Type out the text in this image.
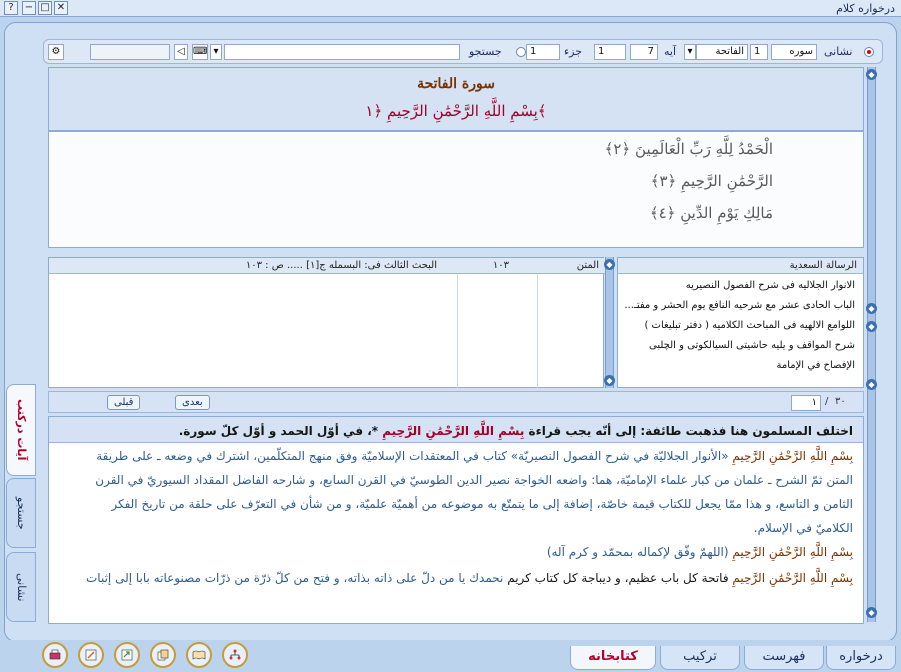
✕
□
−
?	درخواره کلام
آیات درکتب
جستجو
نشانی
نشانی
سوره
1
الفاتحة
▾
آیه
7
1
جزء
1
جستجو
▾
⌨
◁
⚙
سورة الفاتحة
بِسْمِ اللَّهِ الرَّحْمَٰنِ الرَّحِيمِ ﴿١﴾
الْحَمْدُ لِلَّهِ رَبِّ الْعَالَمِينَ ﴿٢﴾
الرَّحْمَٰنِ الرَّحِيمِ ﴿٣﴾
مَالِكِ يَوْمِ الدِّينِ ﴿٤﴾
◆
◆
◆
◆
◆
المتن
١٠٣
البحث الثالث فی: البسمله ج[١] ..... ص : ١٠٣	◆
◆
الرسالة السعدية
الانوار الجلاليه فی شرح الفصول النصیریه
الباب الحادی عشر مع شرحیه النافع یوم الحشر و مفتـ...
اللوامع الالهیه فی المباحث الکلامیه ( دفتر تبلیغات )
شرح المواقف و یلیه حاشیتی السیالکوتی و الچلبی
الإفصاح في الإمامة
قبلی	بعدی	١ / ٣٠
اختلف المسلمون هنا فذهبت طائفة: إلى أنّه يجب قراءة بِسْمِ اللَّهِ الرَّحْمَٰنِ الرَّحِيمِ *، في أوّل الحمد و أوّل كلّ سورة.
بِسْمِ اللَّهِ الرَّحْمَٰنِ الرَّحِيمِ «الأنوار الجلاليّة في شرح الفصول النصيريّة» كتاب في المعتقدات الإسلاميّة وفق منهج المتكلّمين، اشترك في وضعه ـ على طريقة
المتن ثمّ الشرح ـ علمان من كبار علماء الإماميّة، هما: واضعه الخواجة نصير الدين الطوسيّ في القرن السابع، و شارحه الفاضل المقداد السيوريّ في القرن
الثامن و التاسع، و هذا ممّا يجعل للكتاب قيمة خاصّة، إضافة إلى ما يتمتّع به موضوعه من أهميّة علميّة، و من شأن في التعرّف على حلقة من تاريخ الفكر
الكلاميّ في الإسلام.
بِسْمِ اللَّهِ الرَّحْمَٰنِ الرَّحِيمِ (اللهمّ وفّق لإكماله بمحمّد و كرم آله)
بِسْمِ اللَّهِ الرَّحْمَٰنِ الرَّحِيمِ فاتحة كل باب عظيم، و ديباجة كل كتاب كريم نحمدك يا من دلّ على ذاته بذاته، و فتح من كلّ ذرّة من ذرّات مصنوعاته بابا إلى إثبات
درخواره
فهرست
ترکیب
کتابخانه
